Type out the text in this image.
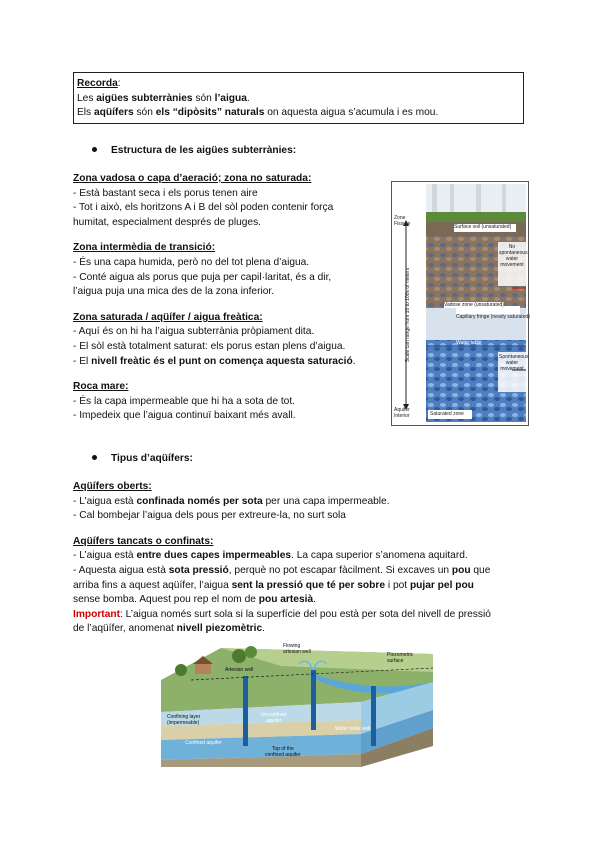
Recorda:
Les aigües subterrànies són l’aigua.
Els aqüífers són els “dipòsits” naturals on aquesta aigua s’acumula i es mou.
Estructura de les aigües subterrànies:
Zona vadosa o capa d’aeració; zona no saturada:
- Està bastant seca i els porus tenen aire
- Tot i això, els horitzons A i B del sòl poden contenir força
humitat, especialment després de pluges.
Zona intermèdia de transició:
- És una capa humida, però no del tot plena d’aigua.
- Conté aigua als porus que puja per capil·laritat, és a dir,
l’aigua puja una mica des de la zona inferior.
Zona saturada / aqüífer / aigua freàtica:
- Aquí és on hi ha l’aigua subterrània pròpiament dita.
- El sòl està totalment saturat: els porus estan plens d’aigua.
- El nivell freàtic és el punt on comença aquesta saturació.
Roca mare:
- És la capa impermeable que hi ha a sota de tot.
- Impedeix que l’aigua continuï baixant més avall.
Zone
Fissure	Surface soil (unsaturated)
No
spontaneous
water
movement
Vadose zone (unsaturated)
Capillary fringe (nearly saturated)
Water table
Spontaneous
water
movement
Saturated zone
Scale can range from 10 to 100s of meters
Aquifer
Interior
Tipus d’aqüífers:
Aqüífers oberts:
- L’aigua està confinada només per sota per una capa impermeable.
- Cal bombejar l’aigua dels pous per extreure-la, no surt sola
Aqüífers tancats o confinats:
- L’aigua està entre dues capes impermeables. La capa superior s’anomena aquitard.
- Aquesta aigua està sota pressió, perquè no pot escapar fàcilment. Si excaves un pou que
arriba fins a aquest aqüífer, l’aigua sent la pressió que té per sobre i pot pujar pel pou
sense bomba. Aquest pou rep el nom de pou artesià.
Important: L’aigua només surt sola si la superfície del pou està per sota del nivell de pressió
de l’aqüífer, anomenat nivell piezomètric.
Flowing
artesian well
Artesian well
Piezometric
surface
Confining layer
(impermeable)
Unconfined
aquifer
Confined aquifer
Water table well
Top of the
confined aquifer
